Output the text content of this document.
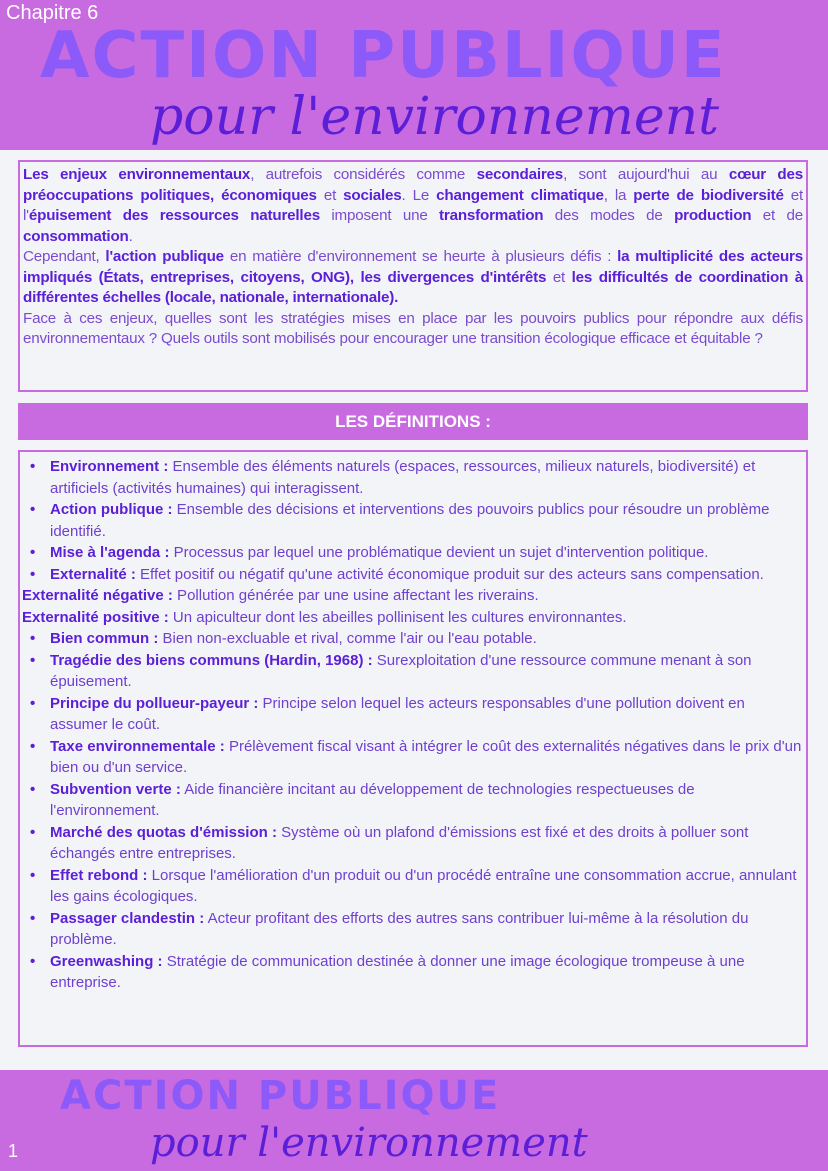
Chapitre 6
ACTION PUBLIQUE
pour l'environnement
Les enjeux environnementaux, autrefois considérés comme secondaires, sont aujourd'hui au cœur des préoccupations politiques, économiques et sociales. Le changement climatique, la perte de biodiversité et l'épuisement des ressources naturelles imposent une transformation des modes de production et de consommation.
Cependant, l'action publique en matière d'environnement se heurte à plusieurs défis : la multiplicité des acteurs impliqués (États, entreprises, citoyens, ONG), les divergences d'intérêts et les difficultés de coordination à différentes échelles (locale, nationale, internationale).
Face à ces enjeux, quelles sont les stratégies mises en place par les pouvoirs publics pour répondre aux défis environnementaux ? Quels outils sont mobilisés pour encourager une transition écologique efficace et équitable ?
LES DÉFINITIONS :
• Environnement : Ensemble des éléments naturels (espaces, ressources, milieux naturels, biodiversité) et artificiels (activités humaines) qui interagissent.
• Action publique : Ensemble des décisions et interventions des pouvoirs publics pour résoudre un problème identifié.
• Mise à l'agenda : Processus par lequel une problématique devient un sujet d'intervention politique.
• Externalité : Effet positif ou négatif qu'une activité économique produit sur des acteurs sans compensation.
Externalité négative : Pollution générée par une usine affectant les riverains.
Externalité positive : Un apiculteur dont les abeilles pollinisent les cultures environnantes.
• Bien commun : Bien non-excluable et rival, comme l'air ou l'eau potable.
• Tragédie des biens communs (Hardin, 1968) : Surexploitation d'une ressource commune menant à son épuisement.
• Principe du pollueur-payeur : Principe selon lequel les acteurs responsables d'une pollution doivent en assumer le coût.
• Taxe environnementale : Prélèvement fiscal visant à intégrer le coût des externalités négatives dans le prix d'un bien ou d'un service.
• Subvention verte : Aide financière incitant au développement de technologies respectueuses de l'environnement.
• Marché des quotas d'émission : Système où un plafond d'émissions est fixé et des droits à polluer sont échangés entre entreprises.
• Effet rebond : Lorsque l'amélioration d'un produit ou d'un procédé entraîne une consommation accrue, annulant les gains écologiques.
• Passager clandestin : Acteur profitant des efforts des autres sans contribuer lui-même à la résolution du problème.
• Greenwashing : Stratégie de communication destinée à donner une image écologique trompeuse à une entreprise.
ACTION PUBLIQUE
pour l'environnement
1
